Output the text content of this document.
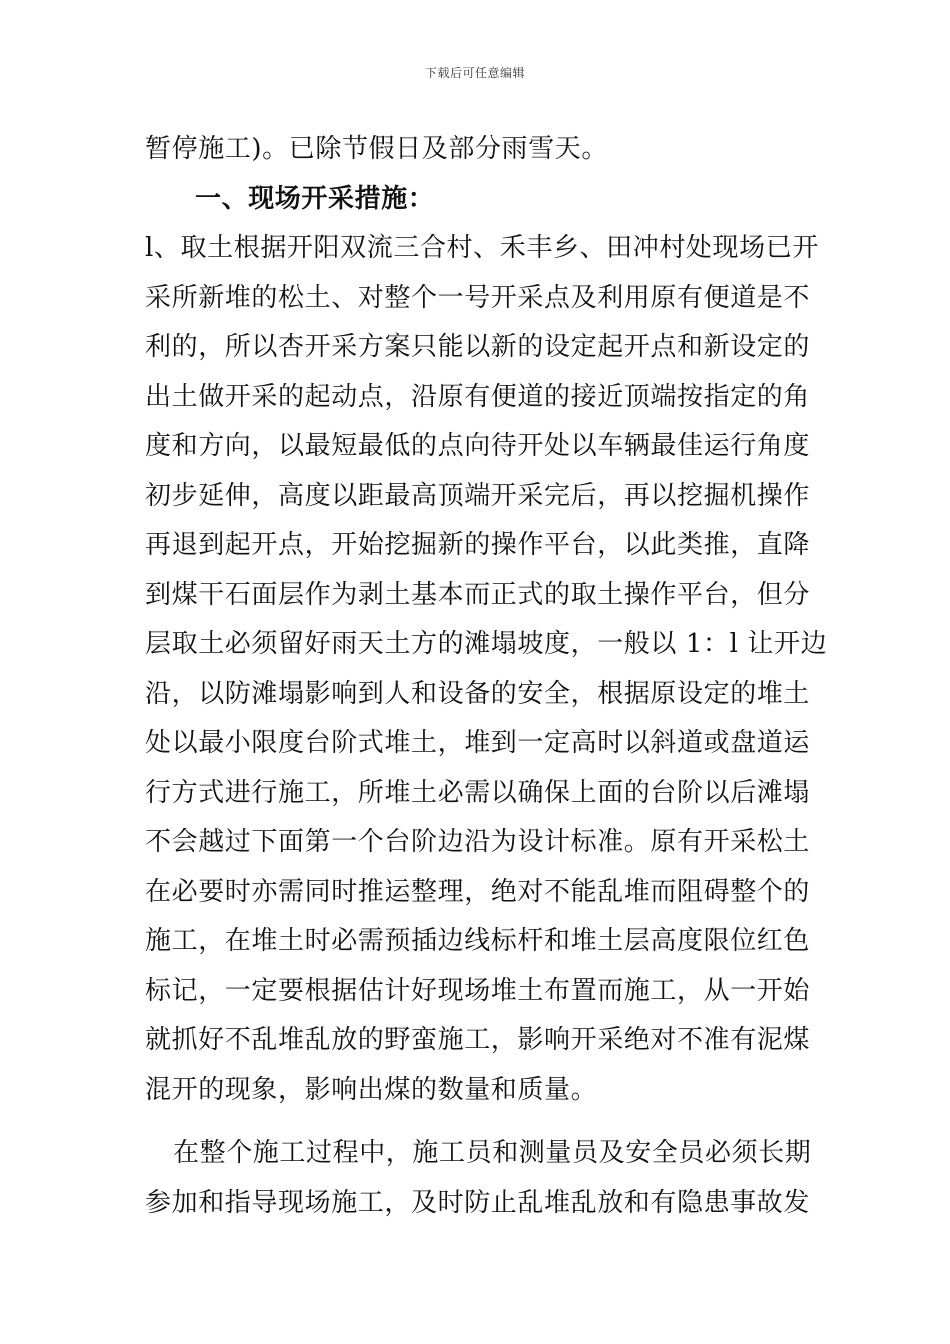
下载后可任意编辑
暂停施工)。已除节假日及部分雨雪天。
一、现场开采措施：
l、取土根据开阳双流三合村、禾丰乡、田冲村处现场已开
采所新堆的松土、对整个一号开采点及利用原有便道是不
利的，所以杏开采方案只能以新的设定起开点和新设定的
出土做开采的起动点，沿原有便道的接近顶端按指定的角
度和方向，以最短最低的点向待开处以车辆最佳运行角度
初步延伸，高度以距最高顶端开采完后，再以挖掘机操作
再退到起开点，开始挖掘新的操作平台，以此类推，直降
到煤干石面层作为剥土基本而正式的取土操作平台，但分
层取土必须留好雨天土方的滩塌坡度，一般以 1：l 让开边
沿，以防滩塌影响到人和设备的安全，根据原设定的堆土
处以最小限度台阶式堆土，堆到一定高时以斜道或盘道运
行方式进行施工，所堆土必需以确保上面的台阶以后滩塌
不会越过下面第一个台阶边沿为设计标准。原有开采松土
在必要时亦需同时推运整理，绝对不能乱堆而阻碍整个的
施工，在堆土时必需预插边线标杆和堆土层高度限位红色
标记，一定要根据估计好现场堆土布置而施工，从一开始
就抓好不乱堆乱放的野蛮施工，影响开采绝对不准有泥煤
混开的现象，影响出煤的数量和质量。
在整个施工过程中，施工员和测量员及安全员必须长期
参加和指导现场施工，及时防止乱堆乱放和有隐患事故发
